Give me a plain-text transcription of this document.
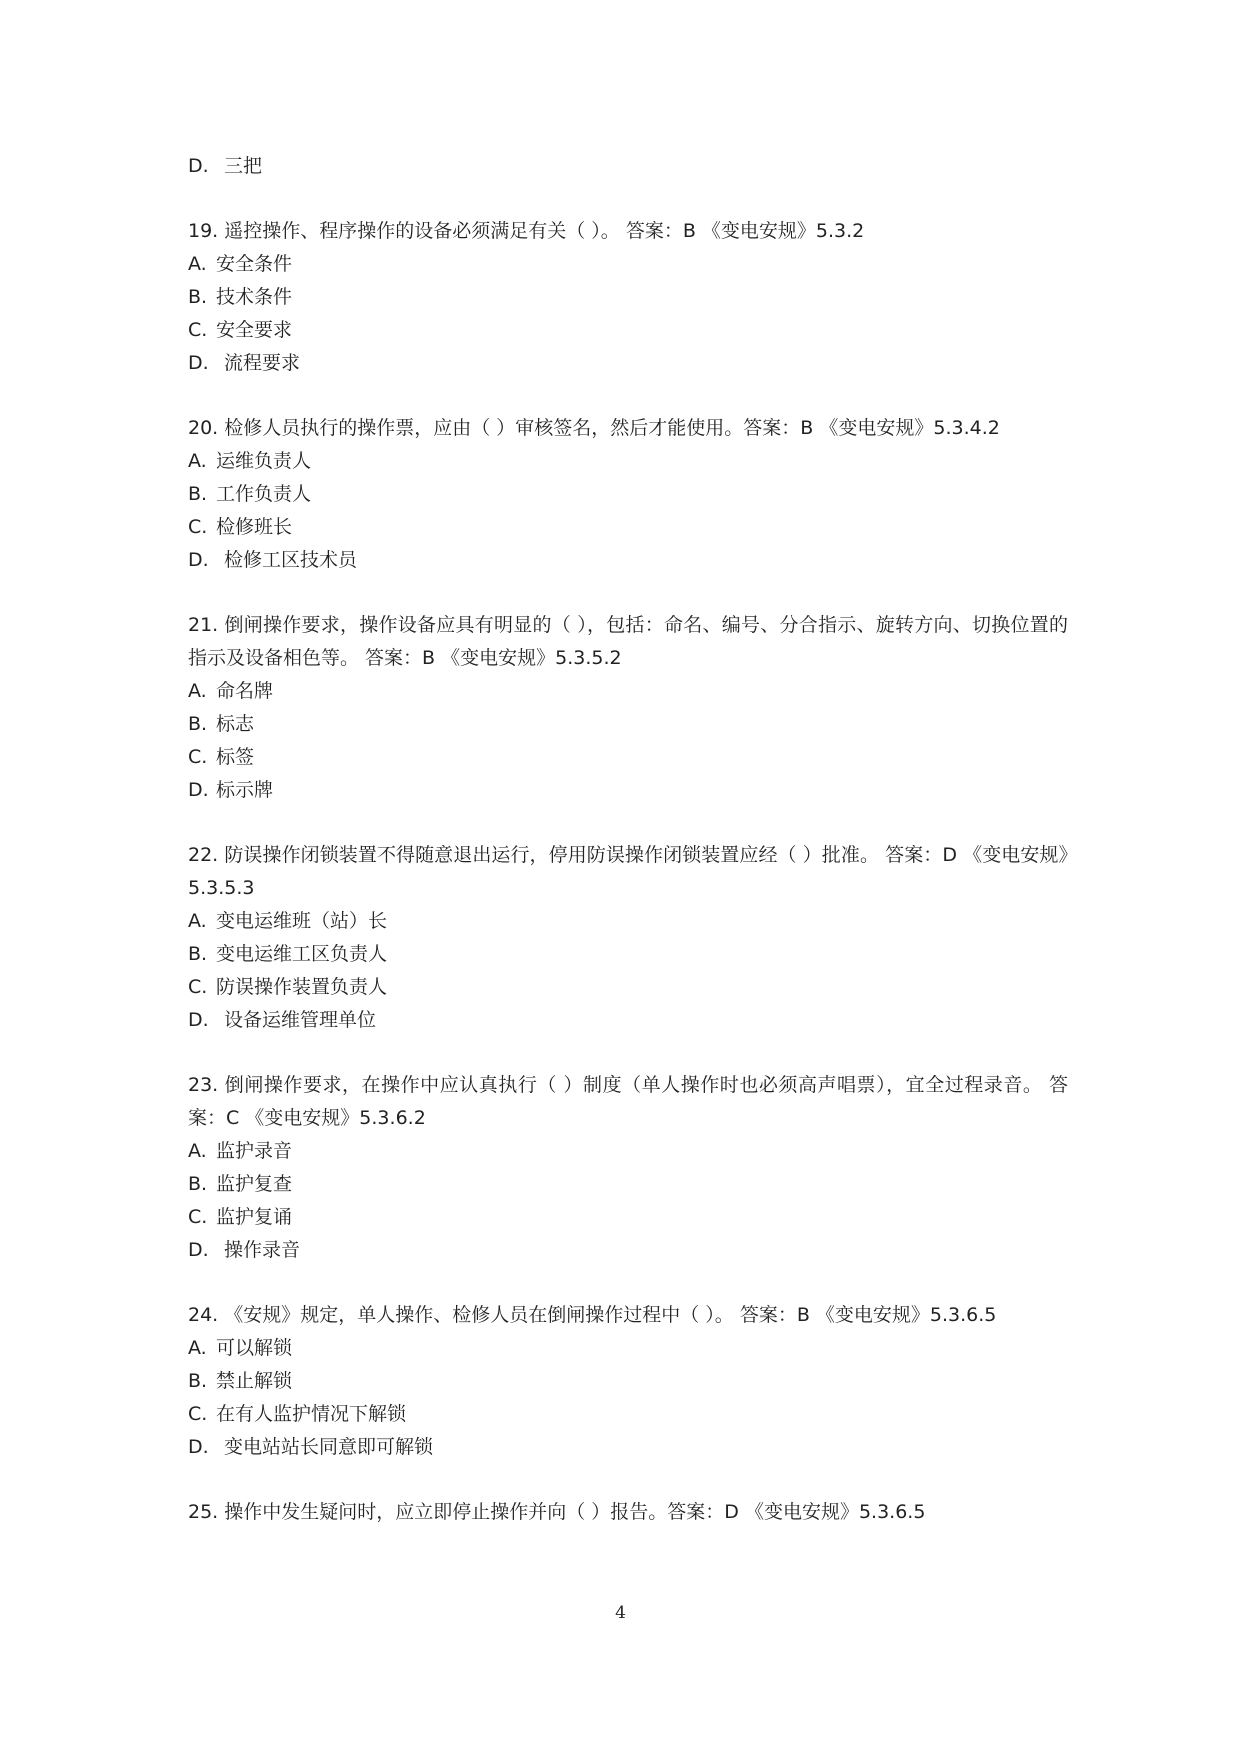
D. 三把
19. 遥控操作、程序操作的设备必须满足有关（ ）。 答案：B 《变电安规》5.3.2
A. 安全条件
B. 技术条件
C. 安全要求
D. 流程要求
20. 检修人员执行的操作票，应由（ ）审核签名，然后才能使用。答案：B 《变电安规》5.3.4.2
A. 运维负责人
B. 工作负责人
C. 检修班长
D. 检修工区技术员
21. 倒闸操作要求，操作设备应具有明显的（ ），包括：命名、编号、分合指示、旋转方向、切换位置的指示及设备相色等。 答案：B 《变电安规》5.3.5.2
A. 命名牌
B. 标志
C. 标签
D. 标示牌
22. 防误操作闭锁装置不得随意退出运行，停用防误操作闭锁装置应经（ ）批准。 答案：D 《变电安规》5.3.5.3
A. 变电运维班（站）长
B. 变电运维工区负责人
C. 防误操作装置负责人
D. 设备运维管理单位
23. 倒闸操作要求，在操作中应认真执行（ ）制度（单人操作时也必须高声唱票），宜全过程录音。 答案：C 《变电安规》5.3.6.2
A. 监护录音
B. 监护复查
C. 监护复诵
D. 操作录音
24. 《安规》规定，单人操作、检修人员在倒闸操作过程中（ ）。 答案：B 《变电安规》5.3.6.5
A. 可以解锁
B. 禁止解锁
C. 在有人监护情况下解锁
D. 变电站站长同意即可解锁
25. 操作中发生疑问时，应立即停止操作并向（ ）报告。答案：D 《变电安规》5.3.6.5
4
